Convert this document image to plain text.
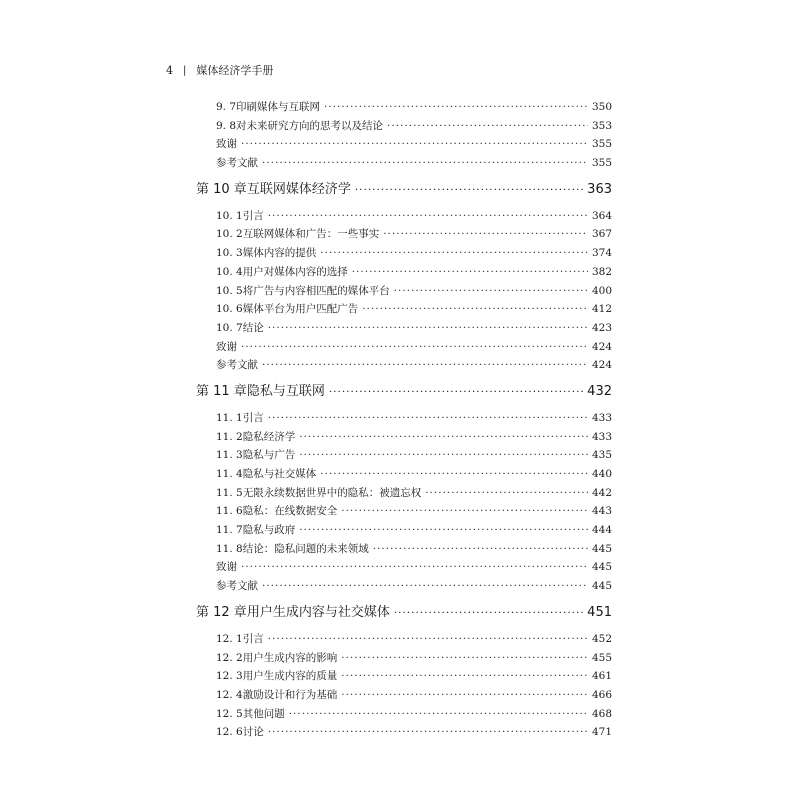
4 | 媒体经济学手册
9. 7 印刷媒体与互联网 ·····	350
9. 8 对未来研究方向的思考以及结论 ·····	353
致谢 ·····	355
参考文献 ·····	355
第 10 章 互联网媒体经济学 ·····	363
10. 1 引言 ·····	364
10. 2 互联网媒体和广告：一些事实 ·····	367
10. 3 媒体内容的提供 ·····	374
10. 4 用户对媒体内容的选择 ·····	382
10. 5 将广告与内容相匹配的媒体平台 ·····	400
10. 6 媒体平台为用户匹配广告 ·····	412
10. 7 结论 ·····	423
致谢 ·····	424
参考文献 ·····	424
第 11 章 隐私与互联网 ·····	432
11. 1 引言 ·····	433
11. 2 隐私经济学 ·····	433
11. 3 隐私与广告 ·····	435
11. 4 隐私与社交媒体 ·····	440
11. 5 无限永续数据世界中的隐私：被遗忘权 ·····	442
11. 6 隐私：在线数据安全 ·····	443
11. 7 隐私与政府 ·····	444
11. 8 结论：隐私问题的未来领域 ·····	445
致谢 ·····	445
参考文献 ·····	445
第 12 章 用户生成内容与社交媒体 ·····	451
12. 1 引言 ·····	452
12. 2 用户生成内容的影响 ·····	455
12. 3 用户生成内容的质量 ·····	461
12. 4 激励设计和行为基础 ·····	466
12. 5 其他问题 ·····	468
12. 6 讨论 ·····	471
